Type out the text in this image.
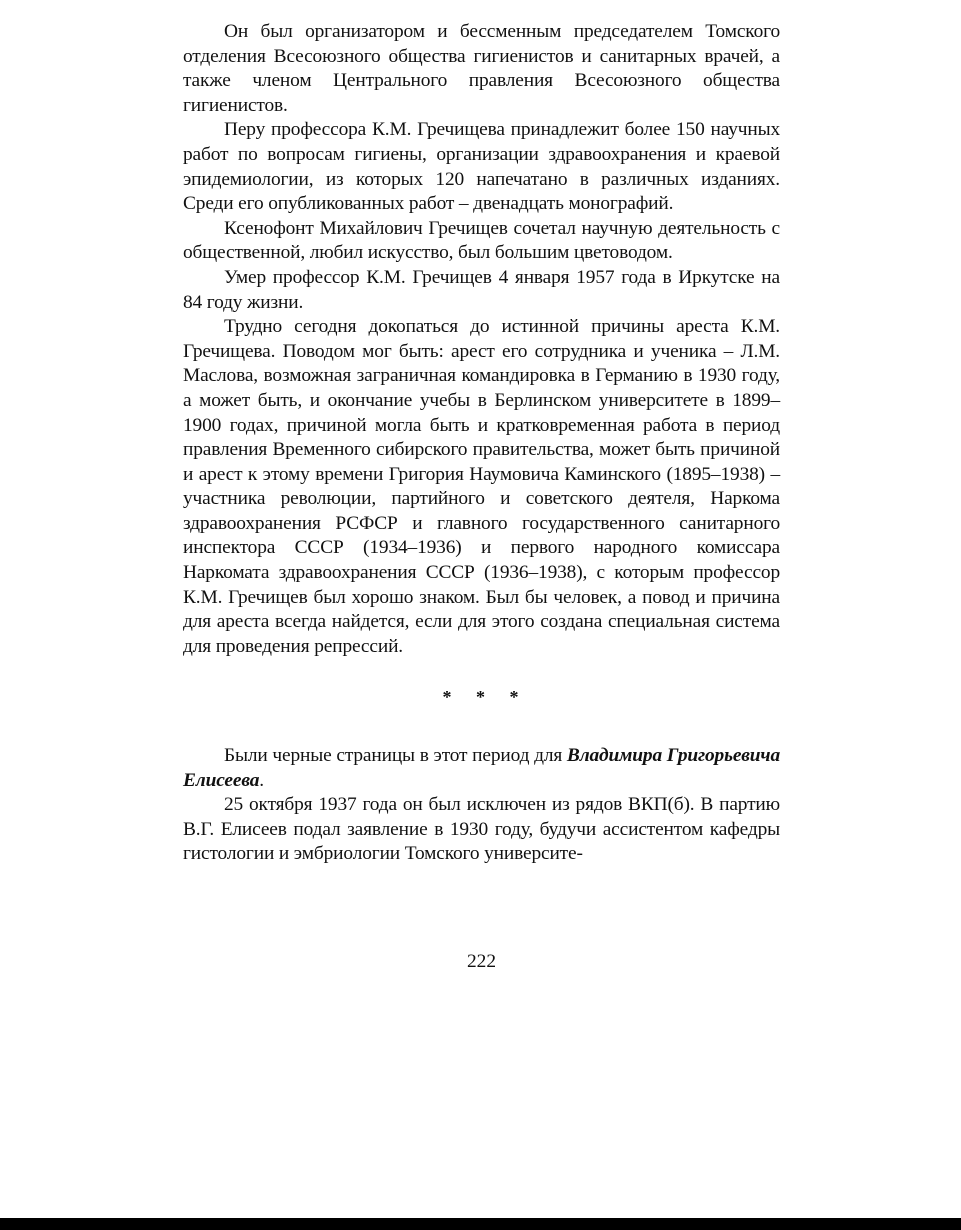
Он был организатором и бессменным председателем Томского отделения Всесоюзного общества гигиенистов и санитарных врачей, а также членом Центрального правления Всесоюзного общества гигиенистов.

Перу профессора К.М. Гречищева принадлежит более 150 научных работ по вопросам гигиены, организации здравоохранения и краевой эпидемиологии, из которых 120 напечатано в различных изданиях. Среди его опубликованных работ – двенадцать монографий.

Ксенофонт Михайлович Гречищев сочетал научную деятельность с общественной, любил искусство, был большим цветоводом.

Умер профессор К.М. Гречищев 4 января 1957 года в Иркутске на 84 году жизни.

Трудно сегодня докопаться до истинной причины ареста К.М. Гречищева. Поводом мог быть: арест его сотрудника и ученика – Л.М. Маслова, возможная заграничная командировка в Германию в 1930 году, а может быть, и окончание учебы в Берлинском университете в 1899–1900 годах, причиной могла быть и кратковременная работа в период правления Временного сибирского правительства, может быть причиной и арест к этому времени Григория Наумовича Каминского (1895–1938) – участника революции, партийного и советского деятеля, Наркома здравоохранения РСФСР и главного государственного санитарного инспектора СССР (1934–1936) и первого народного комиссара Наркомата здравоохранения СССР (1936–1938), с которым профессор К.М. Гречищев был хорошо знаком. Был бы человек, а повод и причина для ареста всегда найдется, если для этого создана специальная система для проведения репрессий.

* * *

Были черные страницы в этот период для Владимира Григорьевича Елисеева.

25 октября 1937 года он был исключен из рядов ВКП(б). В партию В.Г. Елисеев подал заявление в 1930 году, будучи ассистентом кафедры гистологии и эмбриологии Томского университе-

222
